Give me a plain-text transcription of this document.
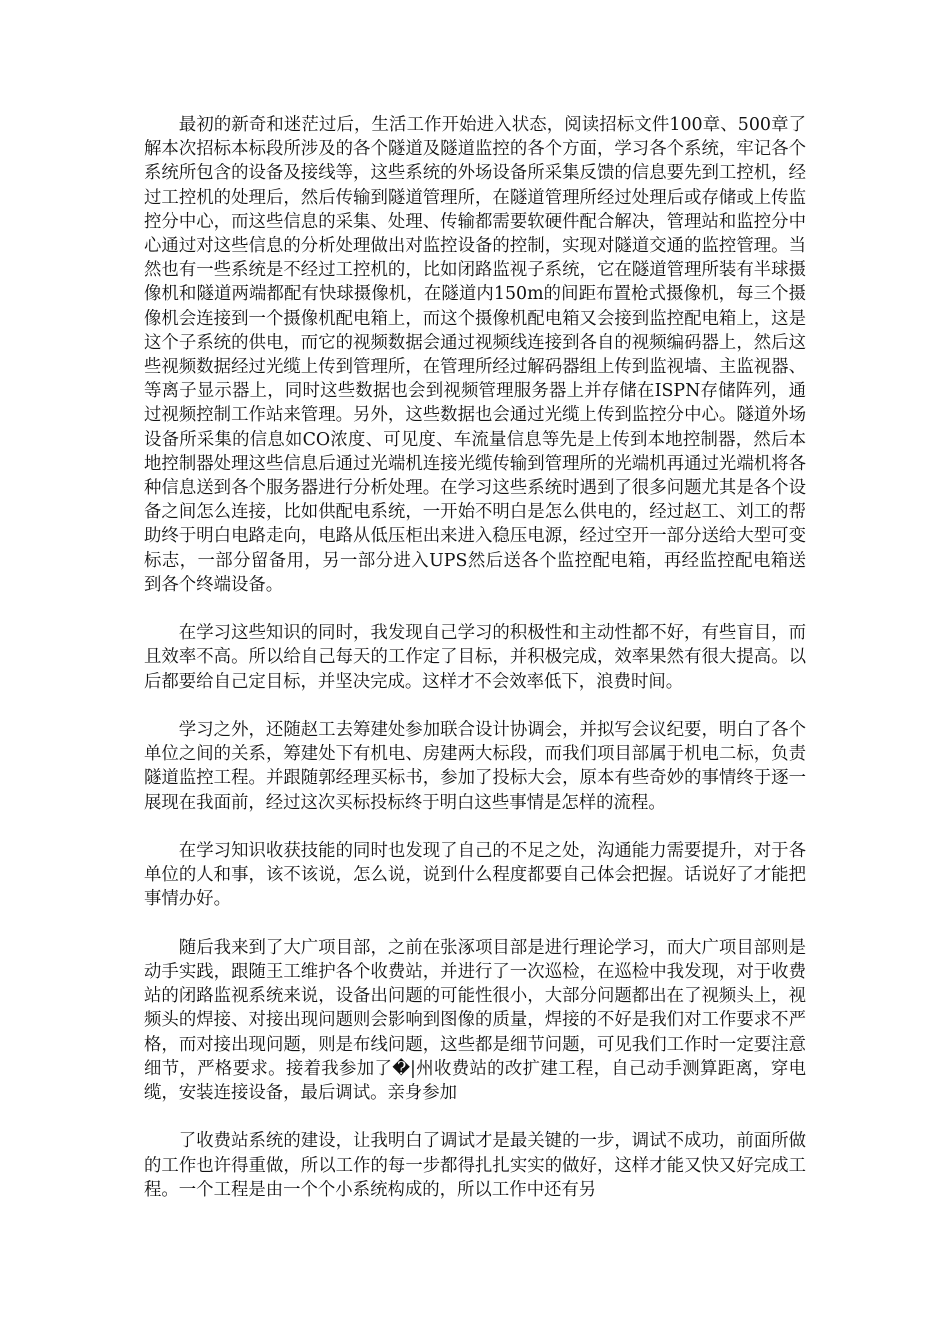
最初的新奇和迷茫过后，生活工作开始进入状态，阅读招标文件100章、500章了解本次招标本标段所涉及的各个隧道及隧道监控的各个方面，学习各个系统，牢记各个系统所包含的设备及接线等，这些系统的外场设备所采集反馈的信息要先到工控机，经过工控机的处理后，然后传输到隧道管理所，在隧道管理所经过处理后或存储或上传监控分中心，而这些信息的采集、处理、传输都需要软硬件配合解决，管理站和监控分中心通过对这些信息的分析处理做出对监控设备的控制，实现对隧道交通的监控管理。当然也有一些系统是不经过工控机的，比如闭路监视子系统，它在隧道管理所装有半球摄像机和隧道两端都配有快球摄像机，在隧道内150m的间距布置枪式摄像机，每三个摄像机会连接到一个摄像机配电箱上，而这个摄像机配电箱又会接到监控配电箱上，这是这个子系统的供电，而它的视频数据会通过视频线连接到各自的视频编码器上，然后这些视频数据经过光缆上传到管理所，在管理所经过解码器组上传到监视墙、主监视器、等离子显示器上，同时这些数据也会到视频管理服务器上并存储在ISPN存储阵列，通过视频控制工作站来管理。另外，这些数据也会通过光缆上传到监控分中心。隧道外场设备所采集的信息如CO浓度、可见度、车流量信息等先是上传到本地控制器，然后本地控制器处理这些信息后通过光端机连接光缆传输到管理所的光端机再通过光端机将各种信息送到各个服务器进行分析处理。在学习这些系统时遇到了很多问题尤其是各个设备之间怎么连接，比如供配电系统，一开始不明白是怎么供电的，经过赵工、刘工的帮助终于明白电路走向，电路从低压柜出来进入稳压电源，经过空开一部分送给大型可变标志，一部分留备用，另一部分进入UPS然后送各个监控配电箱，再经监控配电箱送到各个终端设备。

在学习这些知识的同时，我发现自己学习的积极性和主动性都不好，有些盲目，而且效率不高。所以给自己每天的工作定了目标，并积极完成，效率果然有很大提高。以后都要给自己定目标，并坚决完成。这样才不会效率低下，浪费时间。

学习之外，还随赵工去筹建处参加联合设计协调会，并拟写会议纪要，明白了各个单位之间的关系，筹建处下有机电、房建两大标段，而我们项目部属于机电二标，负责隧道监控工程。并跟随郭经理买标书，参加了投标大会，原本有些奇妙的事情终于逐一展现在我面前，经过这次买标投标终于明白这些事情是怎样的流程。

在学习知识收获技能的同时也发现了自己的不足之处，沟通能力需要提升，对于各单位的人和事，该不该说，怎么说，说到什么程度都要自己体会把握。话说好了才能把事情办好。

随后我来到了大广项目部，之前在张涿项目部是进行理论学习，而大广项目部则是动手实践，跟随王工维护各个收费站，并进行了一次巡检，在巡检中我发现，对于收费站的闭路监视系统来说，设备出问题的可能性很小，大部分问题都出在了视频头上，视频头的焊接、对接出现问题则会影响到图像的质量，焊接的不好是我们对工作要求不严格，而对接出现问题，则是布线问题，这些都是细节问题，可见我们工作时一定要注意细节，严格要求。接着我参加了�|州收费站的改扩建工程，自己动手测算距离，穿电缆，安装连接设备，最后调试。亲身参加

了收费站系统的建设，让我明白了调试才是最关键的一步，调试不成功，前面所做的工作也许得重做，所以工作的每一步都得扎扎实实的做好，这样才能又快又好完成工程。一个工程是由一个个小系统构成的，所以工作中还有另
